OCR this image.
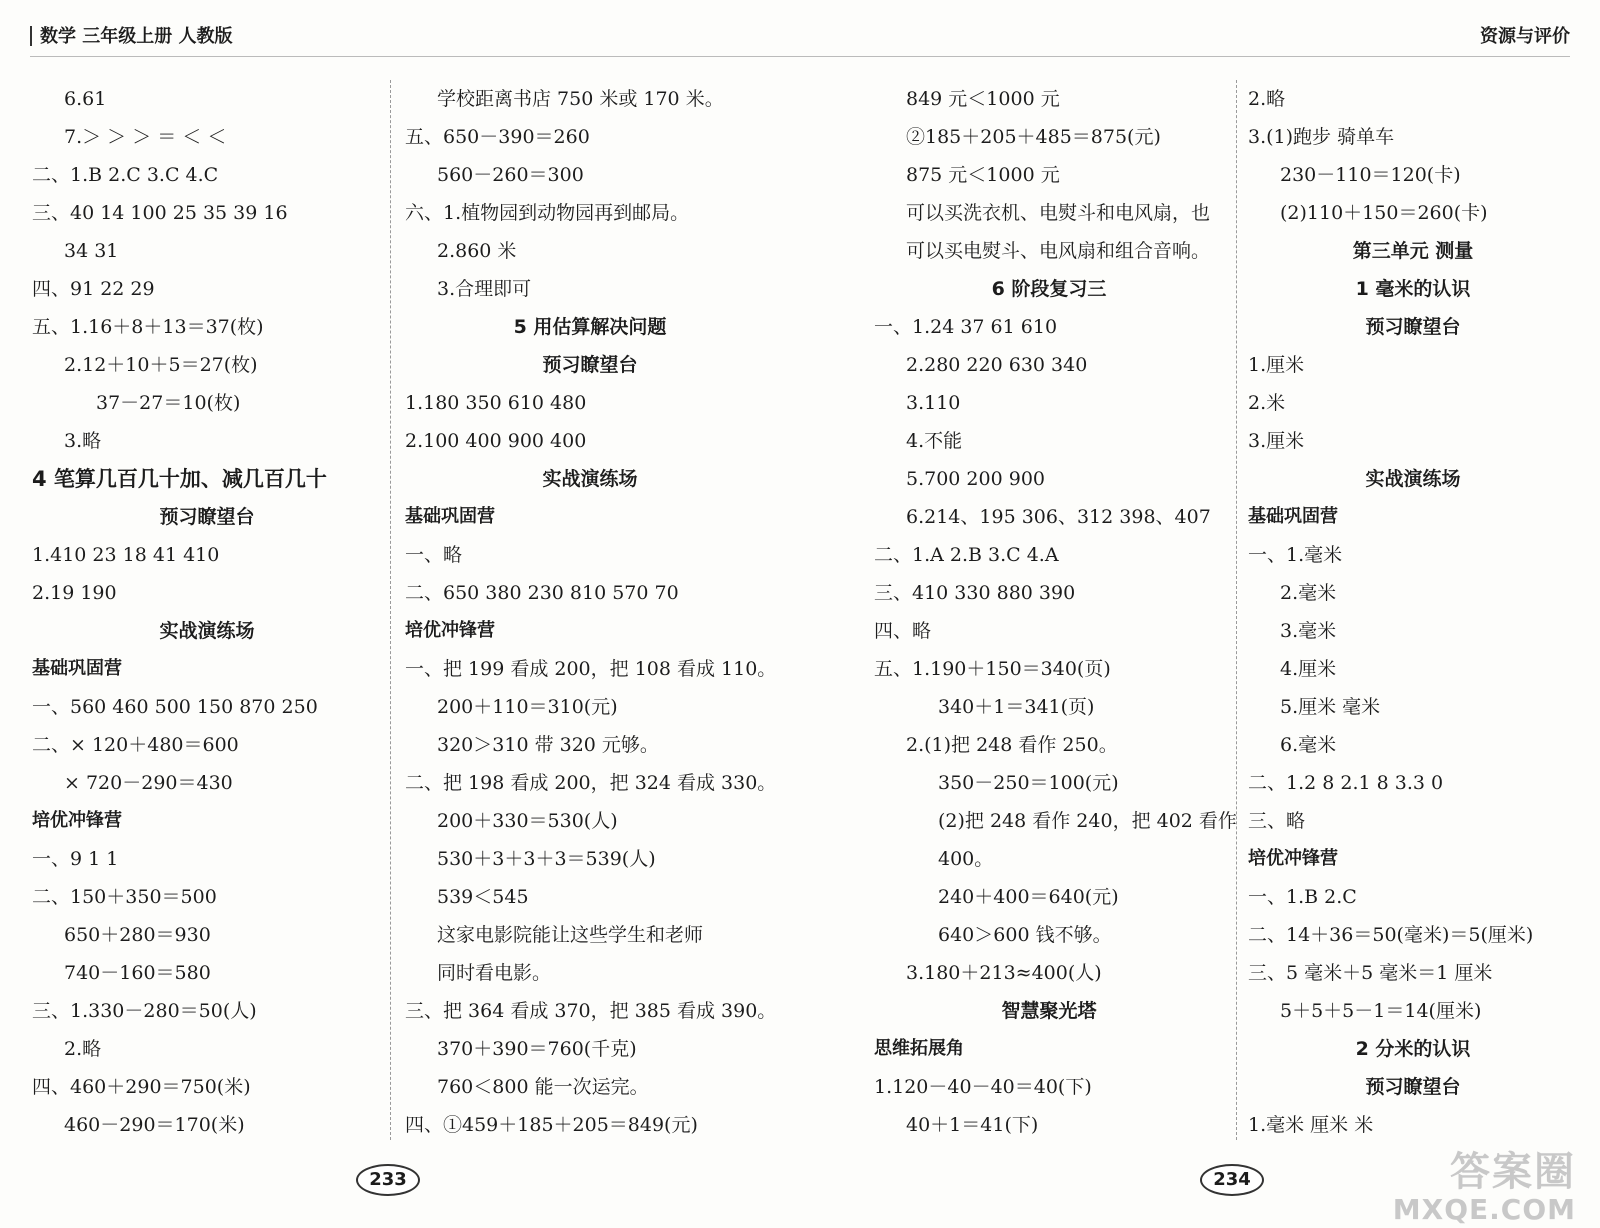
数学 三年级上册 人教版	资源与评价
6.61
7.＞ ＞ ＞ ＝ ＜ ＜
二、1.B 2.C 3.C 4.C
三、40 14 100 25 35 39 16
34 31
四、91 22 29
五、1.16＋8＋13＝37(枚)
2.12＋10＋5＝27(枚)
37－27＝10(枚)
3.略
4 笔算几百几十加、减几百几十
预习瞭望台
1.410 23 18 41 410
2.19 190
实战演练场
基础巩固营
一、560 460 500 150 870 250
二、× 120＋480＝600
× 720－290＝430
培优冲锋营
一、9 1 1
二、150＋350＝500
650＋280＝930
740－160＝580
三、1.330－280＝50(人)
2.略
四、460＋290＝750(米)
460－290＝170(米)
学校距离书店 750 米或 170 米。
五、650－390＝260
560－260＝300
六、1.植物园到动物园再到邮局。
2.860 米
3.合理即可
5 用估算解决问题
预习瞭望台
1.180 350 610 480
2.100 400 900 400
实战演练场
基础巩固营
一、略
二、650 380 230 810 570 70
培优冲锋营
一、把 199 看成 200，把 108 看成 110。
200＋110＝310(元)
320＞310 带 320 元够。
二、把 198 看成 200，把 324 看成 330。
200＋330＝530(人)
530＋3＋3＋3＝539(人)
539＜545
这家电影院能让这些学生和老师
同时看电影。
三、把 364 看成 370，把 385 看成 390。
370＋390＝760(千克)
760＜800 能一次运完。
四、①459＋185＋205＝849(元)
849 元＜1000 元
②185＋205＋485＝875(元)
875 元＜1000 元
可以买洗衣机、电熨斗和电风扇，也
可以买电熨斗、电风扇和组合音响。
6 阶段复习三
一、1.24 37 61 610
2.280 220 630 340
3.110
4.不能
5.700 200 900
6.214、195 306、312 398、407
二、1.A 2.B 3.C 4.A
三、410 330 880 390
四、略
五、1.190＋150＝340(页)
340＋1＝341(页)
2.(1)把 248 看作 250。
350－250＝100(元)
(2)把 248 看作 240，把 402 看作
400。
240＋400＝640(元)
640＞600 钱不够。
3.180＋213≈400(人)
智慧聚光塔
思维拓展角
1.120－40－40＝40(下)
40＋1＝41(下)
2.略
3.(1)跑步 骑单车
230－110＝120(卡)
(2)110＋150＝260(卡)
第三单元 测量
1 毫米的认识
预习瞭望台
1.厘米
2.米
3.厘米
实战演练场
基础巩固营
一、1.毫米
2.毫米
3.毫米
4.厘米
5.厘米 毫米
6.毫米
二、1.2 8 2.1 8 3.3 0
三、略
培优冲锋营
一、1.B 2.C
二、14＋36＝50(毫米)＝5(厘米)
三、5 毫米＋5 毫米＝1 厘米
5＋5＋5－1＝14(厘米)
2 分米的认识
预习瞭望台
1.毫米 厘米 米
233	234	答案圈
MXQE.COM
